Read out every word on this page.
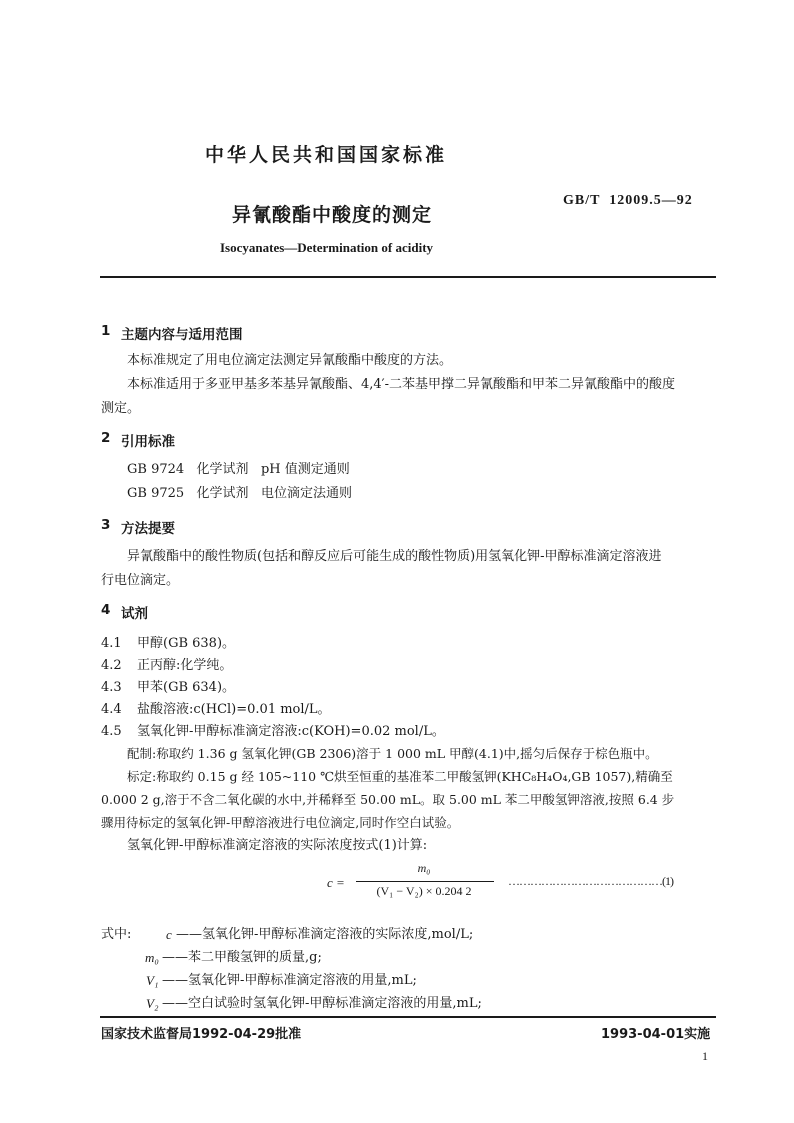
中华人民共和国国家标准
异氰酸酯中酸度的测定
GB/T  12009.5—92
Isocyanates—Determination of acidity
1 主题内容与适用范围
本标准规定了用电位滴定法测定异氰酸酯中酸度的方法。
本标准适用于多亚甲基多苯基异氰酸酯、4,4′-二苯基甲撑二异氰酸酯和甲苯二异氰酸酯中的酸度
测定。
2 引用标准
GB 9724   化学试剂   pH 值测定通则
GB 9725   化学试剂   电位滴定法通则
3 方法提要
异氰酸酯中的酸性物质(包括和醇反应后可能生成的酸性物质)用氢氧化钾-甲醇标准滴定溶液进
行电位滴定。
4 试剂
4.1 甲醇(GB 638)。
4.2 正丙醇:化学纯。
4.3 甲苯(GB 634)。
4.4 盐酸溶液:c(HCl)=0.01 mol/L。
4.5 氢氧化钾-甲醇标准滴定溶液:c(KOH)=0.02 mol/L。
配制:称取约 1.36 g 氢氧化钾(GB 2306)溶于 1 000 mL 甲醇(4.1)中,摇匀后保存于棕色瓶中。
标定:称取约 0.15 g 经 105~110 ℃烘至恒重的基准苯二甲酸氢钾(KHC₈H₄O₄,GB 1057),精确至
0.000 2 g,溶于不含二氧化碳的水中,并稀释至 50.00 mL。取 5.00 mL 苯二甲酸氢钾溶液,按照 6.4 步
骤用待标定的氢氧化钾-甲醇溶液进行电位滴定,同时作空白试验。
氢氧化钾-甲醇标准滴定溶液的实际浓度按式(1)计算:
c =
m₀
(V₁ − V₂) × 0.204 2
……………………………………(1)
式中:	c ——氢氧化钾-甲醇标准滴定溶液的实际浓度,mol/L;
m₀ ——苯二甲酸氢钾的质量,g;
V₁ ——氢氧化钾-甲醇标准滴定溶液的用量,mL;
V₂ ——空白试验时氢氧化钾-甲醇标准滴定溶液的用量,mL;
国家技术监督局1992-04-29批准	1993-04-01实施
1
